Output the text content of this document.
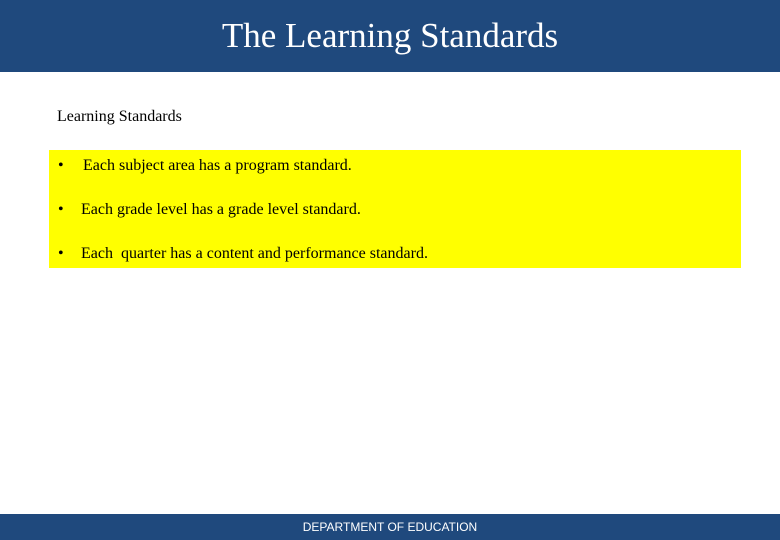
The Learning Standards
Learning Standards

•

Each subject area has a program standard.

•

Each grade level has a grade level standard.

•

Each  quarter has a content and performance standard.

DEPARTMENT OF EDUCATION
